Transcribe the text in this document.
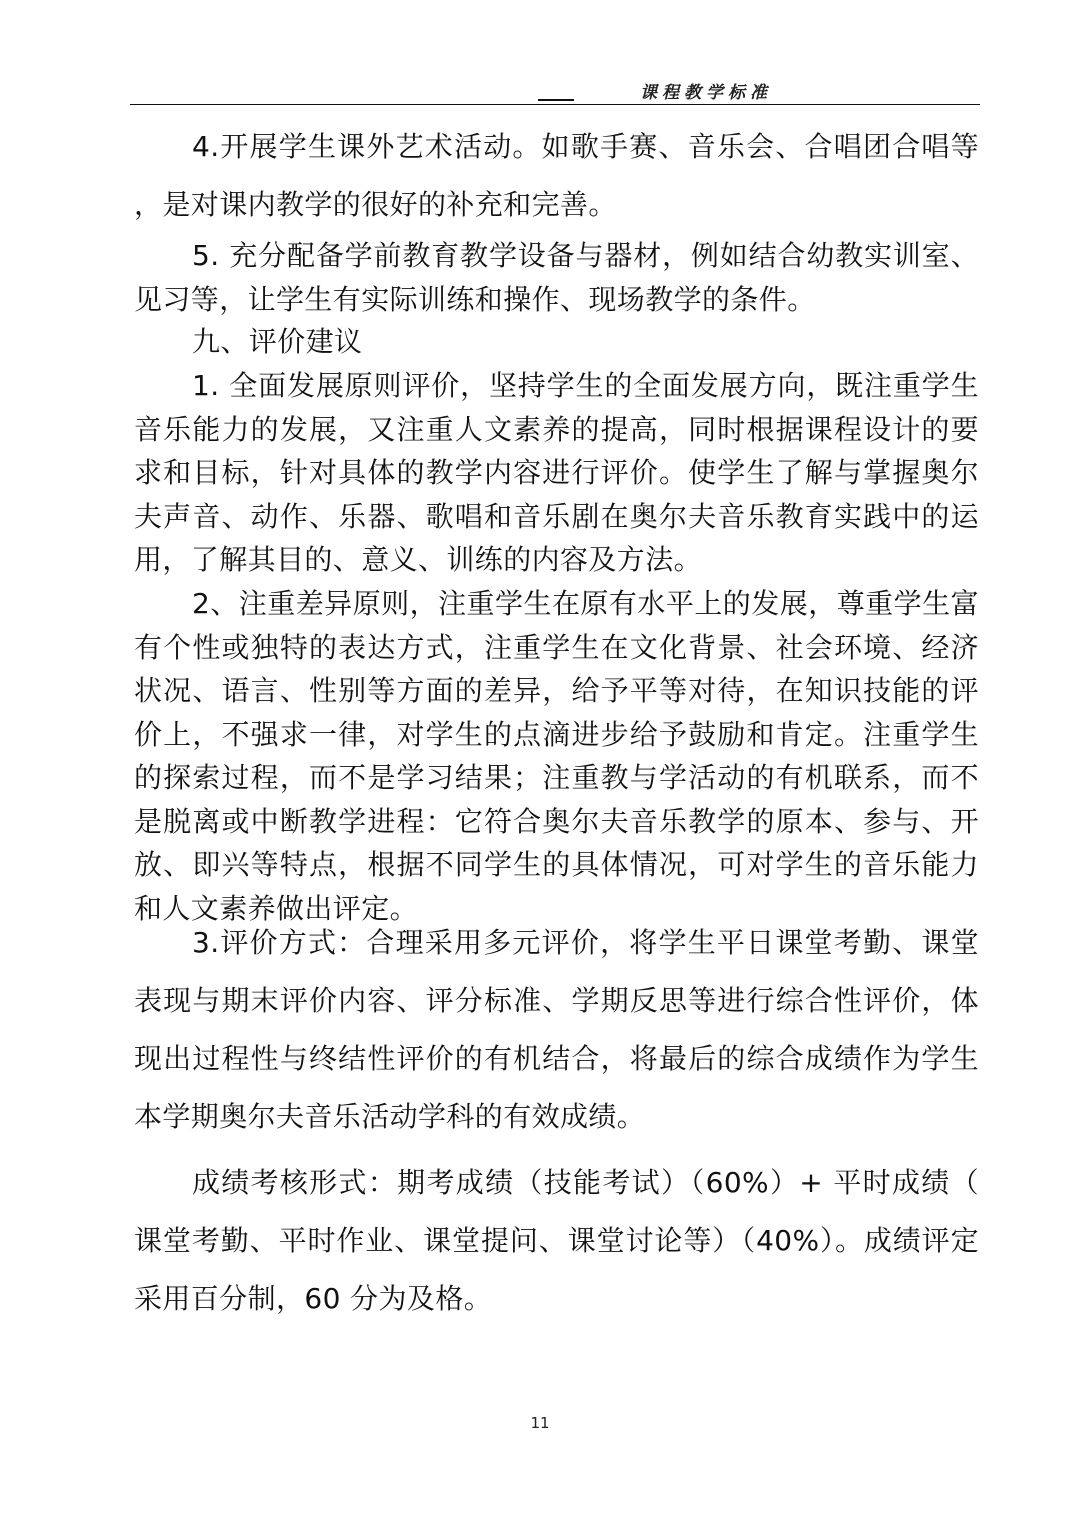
课程教学标准

4.开展学生课外艺术活动。如歌手赛、音乐会、合唱团合唱等，是对课内教学的很好的补充和完善。

5. 充分配备学前教育教学设备与器材，例如结合幼教实训室、见习等，让学生有实际训练和操作、现场教学的条件。

九、评价建议

1. 全面发展原则评价，坚持学生的全面发展方向，既注重学生音乐能力的发展，又注重人文素养的提高，同时根据课程设计的要求和目标，针对具体的教学内容进行评价。使学生了解与掌握奥尔夫声音、动作、乐器、歌唱和音乐剧在奥尔夫音乐教育实践中的运用，了解其目的、意义、训练的内容及方法。

2、注重差异原则，注重学生在原有水平上的发展，尊重学生富有个性或独特的表达方式，注重学生在文化背景、社会环境、经济状况、语言、性别等方面的差异，给予平等对待，在知识技能的评价上，不强求一律，对学生的点滴进步给予鼓励和肯定。注重学生的探索过程，而不是学习结果；注重教与学活动的有机联系，而不是脱离或中断教学进程：它符合奥尔夫音乐教学的原本、参与、开放、即兴等特点，根据不同学生的具体情况，可对学生的音乐能力和人文素养做出评定。

3.评价方式：合理采用多元评价，将学生平日课堂考勤、课堂表现与期末评价内容、评分标准、学期反思等进行综合性评价，体现出过程性与终结性评价的有机结合，将最后的综合成绩作为学生本学期奥尔夫音乐活动学科的有效成绩。

成绩考核形式：期考成绩（技能考试）（60%）+ 平时成绩（课堂考勤、平时作业、课堂提问、课堂讨论等）（40%）。成绩评定采用百分制，60 分为及格。

11
